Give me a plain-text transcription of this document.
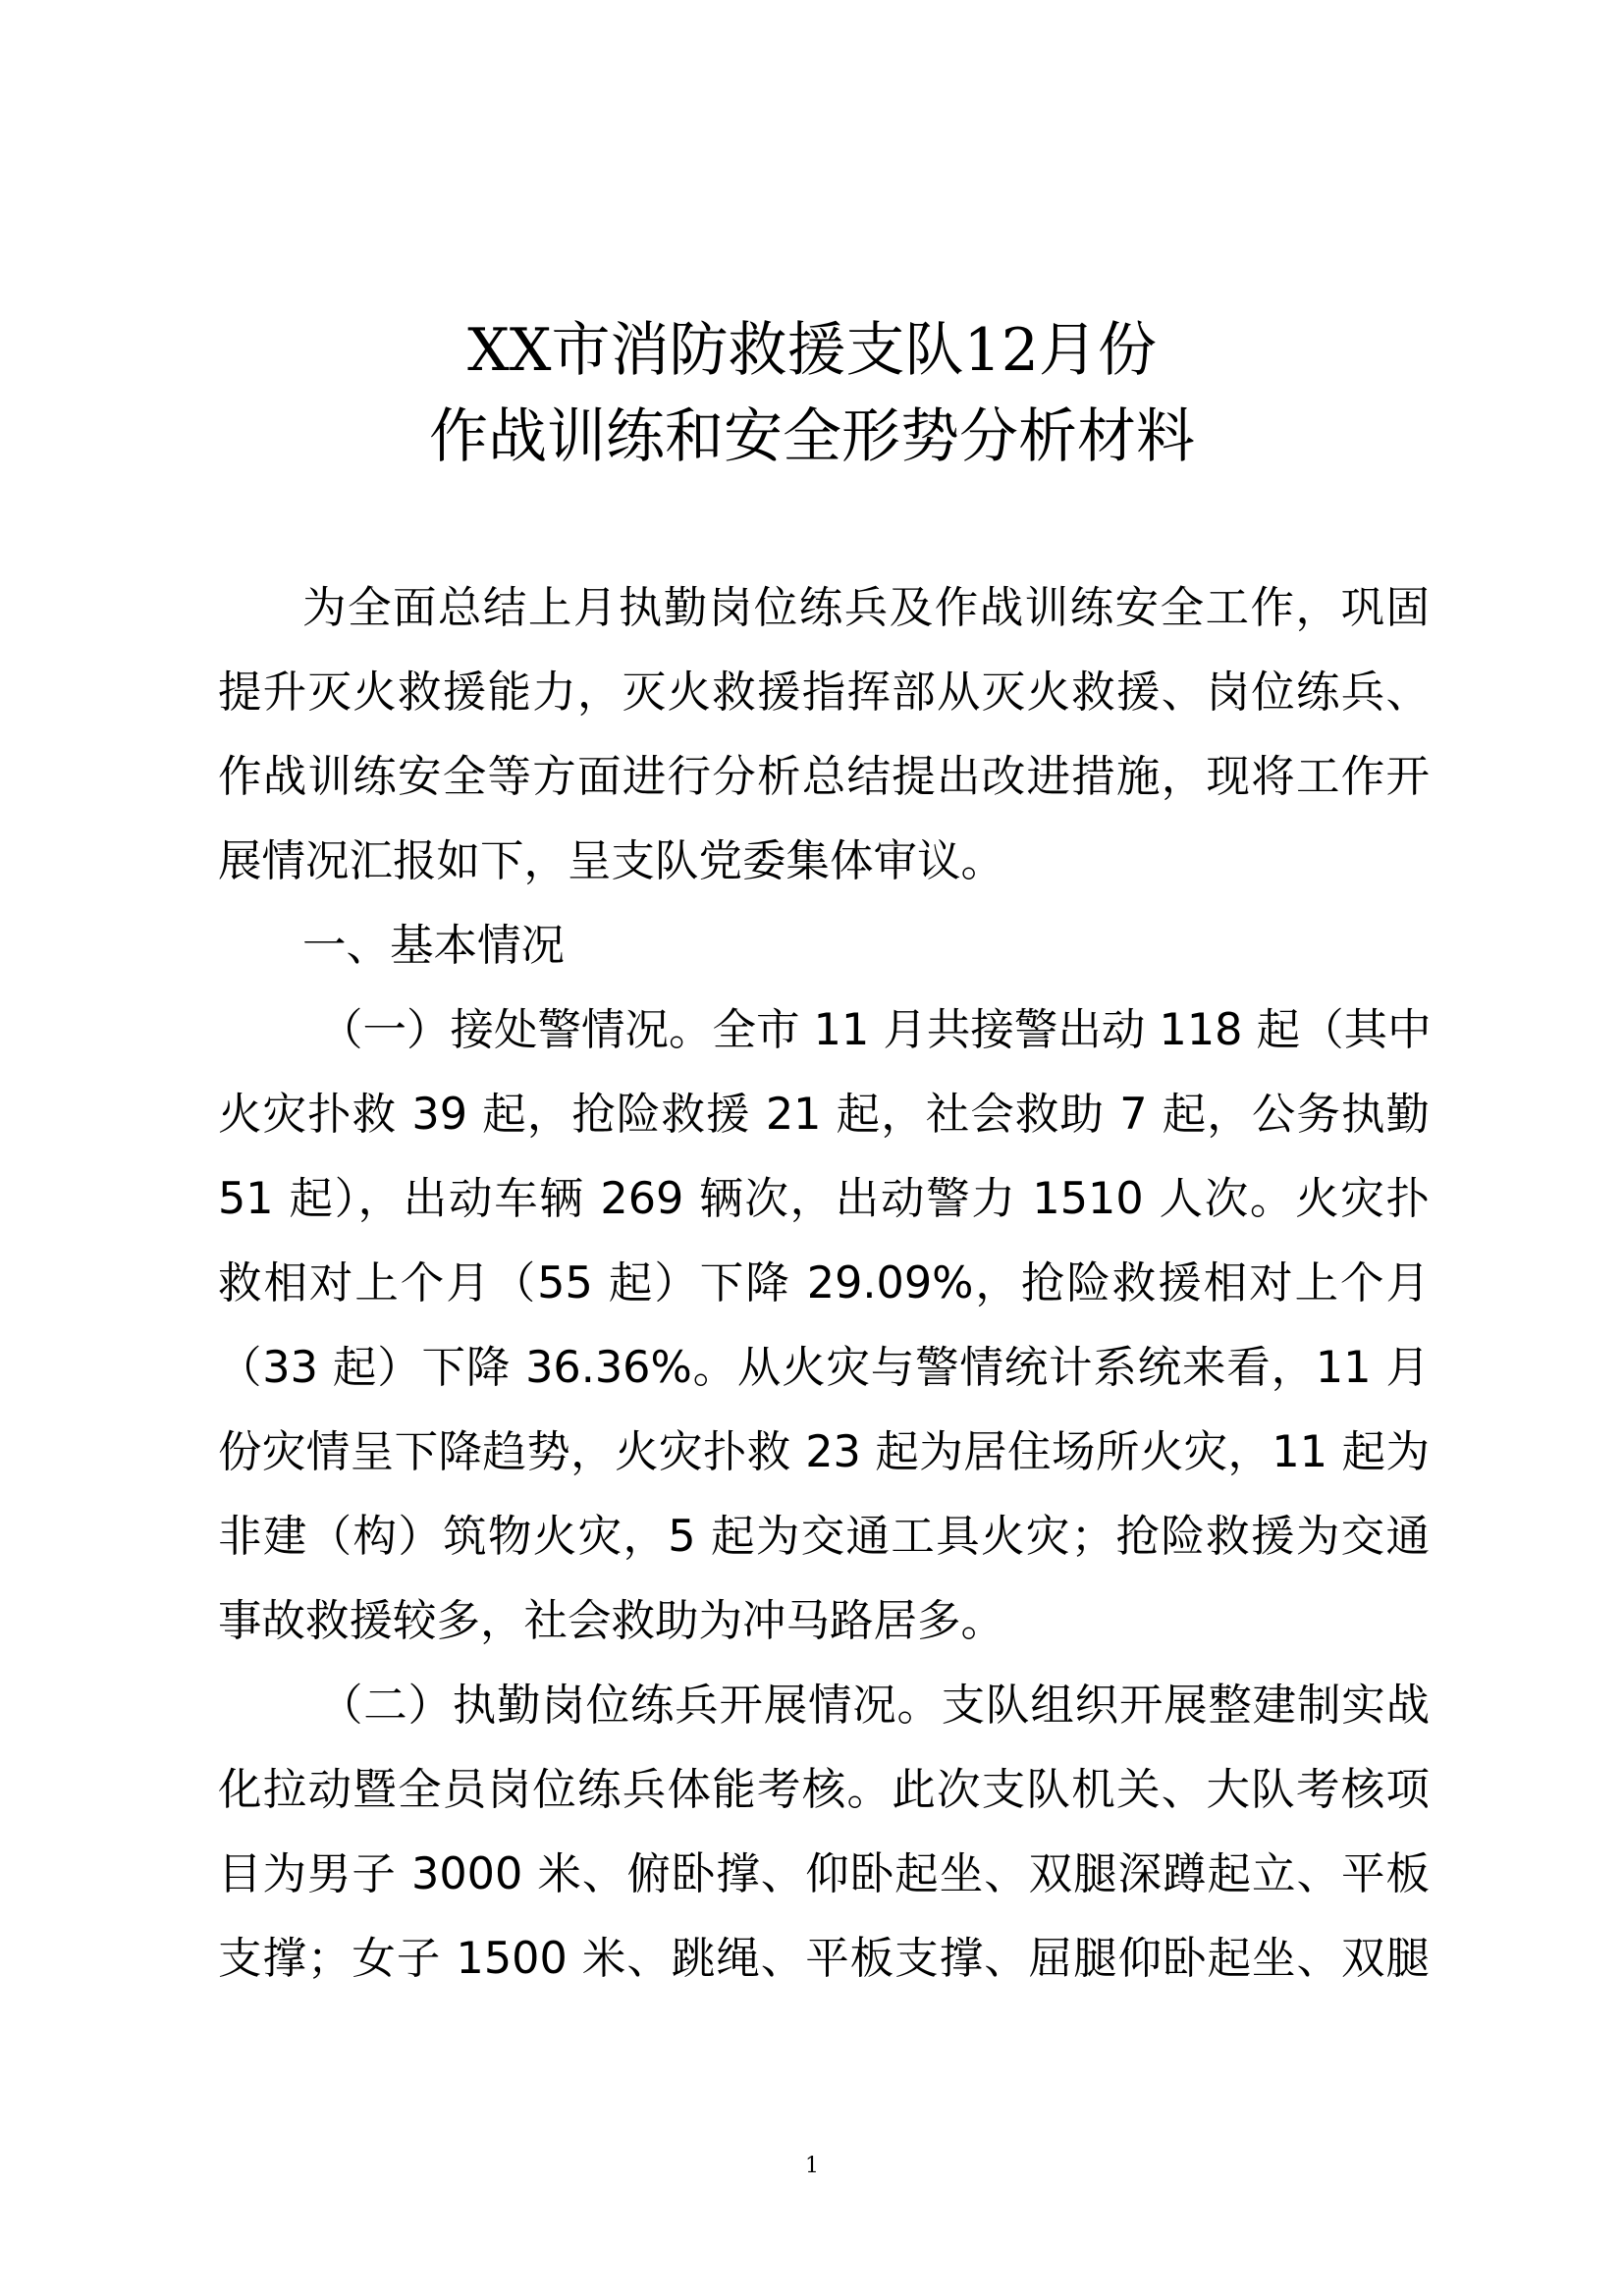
XX市消防救援支队12月份
作战训练和安全形势分析材料
为全面总结上月执勤岗位练兵及作战训练安全工作，巩固
提升灭火救援能力，灭火救援指挥部从灭火救援、岗位练兵、
作战训练安全等方面进行分析总结提出改进措施，现将工作开
展情况汇报如下，呈支队党委集体审议。
一、基本情况
（一）接处警情况。全市 11 月共接警出动 118 起（其中
火灾扑救 39 起，抢险救援 21 起，社会救助 7 起，公务执勤
51 起），出动车辆 269 辆次，出动警力 1510 人次。火灾扑
救相对上个月（55 起）下降 29.09%，抢险救援相对上个月
（33 起）下降 36.36%。从火灾与警情统计系统来看，11 月
份灾情呈下降趋势，火灾扑救 23 起为居住场所火灾，11 起为
非建（构）筑物火灾，5 起为交通工具火灾；抢险救援为交通
事故救援较多，社会救助为冲马路居多。
（二）执勤岗位练兵开展情况。支队组织开展整建制实战
化拉动暨全员岗位练兵体能考核。此次支队机关、大队考核项
目为男子 3000 米、俯卧撑、仰卧起坐、双腿深蹲起立、平板
支撑；女子 1500 米、跳绳、平板支撑、屈腿仰卧起坐、双腿
1
